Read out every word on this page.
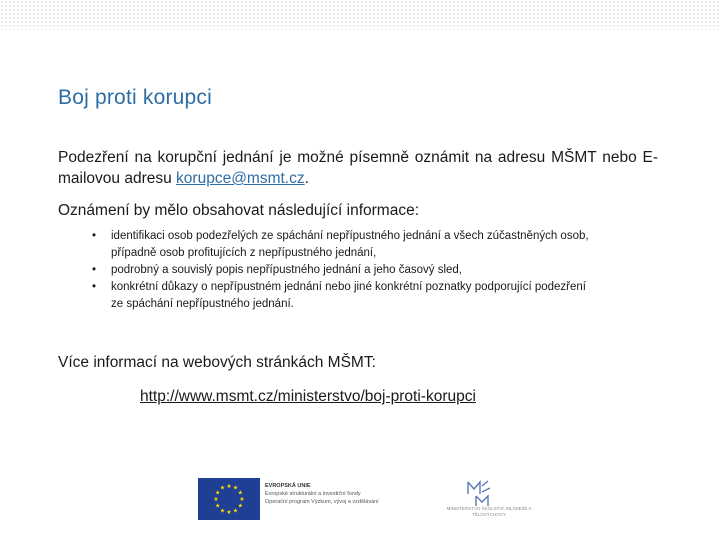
Boj proti korupci
Podezření na korupční jednání je možné písemně oznámit na adresu MŠMT nebo E-mailovou adresu korupce@msmt.cz.
Oznámení by mělo obsahovat následující informace:
• identifikaci osob podezřelých ze spáchání nepřípustného jednání a všech zúčastněných osob, případně osob profitujících z nepřípustného jednání,
• podrobný a souvislý popis nepřípustného jednání a jeho časový sled,
• konkrétní důkazy o nepřípustném jednání nebo jiné konkrétní poznatky podporující podezření ze spáchání nepřípustného jednání.
Více informací na webových stránkách MŠMT:
http://www.msmt.cz/ministerstvo/boj-proti-korupci
★
★
★
★
★
★
★
★
★ ★ ★
★
EVROPSKÁ UNIE
Evropské strukturální a investiční fondy
Operační program Výzkum, vývoj a vzdělávání
MINISTERSTVO ŠKOLSTVÍ, MLÁDEŽE A TĚLOVÝCHOVY
